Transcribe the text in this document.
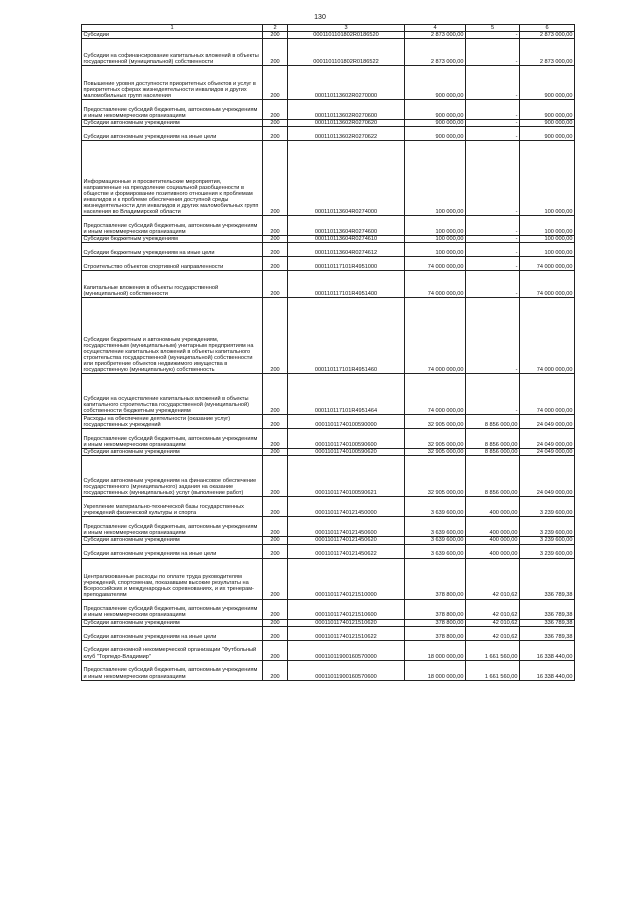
130
1	2	3	4	5	6
Субсидии	200	0001101101802R0186520	2 873 000,00	-	2 873 000,00
Субсидии на софинансирование капитальных вложений в объекты государственной (муниципальной) собственности	200	0001101101802R0186522	2 873 000,00	-	2 873 000,00
Повышение уровня доступности приоритетных объектов и услуг в приоритетных сферах жизнедеятельности инвалидов и других маломобильных групп населения	200	000110113602R0270000	900 000,00	-	900 000,00
Предоставление субсидий бюджетным, автономным учреждениям и иным некоммерческим организациям	200	000110113602R0270600	900 000,00	-	900 000,00
Субсидии автономным учреждениям	200	000110113602R0270620	900 000,00	-	900 000,00
Субсидии автономным учреждениям на иные цели	200	000110113602R0270622	900 000,00	-	900 000,00
Информационные и просветительские мероприятия, направленные на преодоление социальной разобщенности в обществе и формирование позитивного отношения к проблемам инвалидов и к проблеме обеспечения доступной среды жизнедеятельности для инвалидов и других маломобильных групп населения во Владимирской области	200	000110113604R0274000	100 000,00	-	100 000,00
Предоставление субсидий бюджетным, автономным учреждениям и иным некоммерческим организациям	200	000110113604R0274600	100 000,00	-	100 000,00
Субсидии бюджетным учреждениям	200	000110113604R0274610	100 000,00	-	100 000,00
Субсидии бюджетным учреждениям на иные цели	200	000110113604R0274612	100 000,00	-	100 000,00
Строительство объектов спортивной направленности	200	000110117101R4951000	74 000 000,00	-	74 000 000,00
Капитальные вложения в объекты государственной (муниципальной) собственности	200	000110117101R4951400	74 000 000,00	-	74 000 000,00
Субсидии бюджетным и автономным учреждениям, государственным (муниципальным) унитарным предприятиям на осуществление капитальных вложений в объекты капитального строительства государственной (муниципальной) собственности или приобретение объектов недвижимого имущества в государственную (муниципальную) собственность	200	000110117101R4951460	74 000 000,00	-	74 000 000,00
Субсидии на осуществление капитальных вложений в объекты капитального строительства государственной (муниципальной) собственности бюджетным учреждениям	200	000110117101R4951464	74 000 000,00	-	74 000 000,00
Расходы на обеспечение деятельности (оказание услуг) государственных учреждений	200	00011011740100590000	32 905 000,00	8 856 000,00	24 049 000,00
Предоставление субсидий бюджетным, автономным учреждениям и иным некоммерческим организациям	200	00011011740100590600	32 905 000,00	8 856 000,00	24 049 000,00
Субсидии автономным учреждениям	200	00011011740100590620	32 905 000,00	8 856 000,00	24 049 000,00
Субсидии автономным учреждениям на финансовое обеспечение государственного (муниципального) задания на оказание государственных (муниципальных) услуг (выполнение работ)	200	00011011740100590621	32 905 000,00	8 856 000,00	24 049 000,00
Укрепление материально-технической базы государственных учреждений физической культуры и спорта	200	00011011740121450000	3 639 600,00	400 000,00	3 239 600,00
Предоставление субсидий бюджетным, автономным учреждениям и иным некоммерческим организациям	200	00011011740121450600	3 639 600,00	400 000,00	3 239 600,00
Субсидии автономным учреждениям	200	00011011740121450620	3 639 600,00	400 000,00	3 239 600,00
Субсидии автономным учреждениям на иные цели	200	00011011740121450622	3 639 600,00	400 000,00	3 239 600,00
Централизованные расходы по оплате труда руководителям учреждений, спортсменам, показавшим высокие результаты на Всероссийских и международных соревнованиях, и их тренерам-преподавателям	200	00011011740121510000	378 800,00	42 010,62	336 789,38
Предоставление субсидий бюджетным, автономным учреждениям и иным некоммерческим организациям	200	00011011740121510600	378 800,00	42 010,62	336 789,38
Субсидии автономным учреждениям	200	00011011740121510620	378 800,00	42 010,62	336 789,38
Субсидии автономным учреждениям на иные цели	200	00011011740121510622	378 800,00	42 010,62	336 789,38
Субсидии автономной некоммерческой организации "Футбольный клуб "Торпедо-Владимир"	200	00011011900160570000	18 000 000,00	1 661 560,00	16 338 440,00
Предоставление субсидий бюджетным, автономным учреждениям и иным некоммерческим организациям	200	00011011900160570600	18 000 000,00	1 661 560,00	16 338 440,00
